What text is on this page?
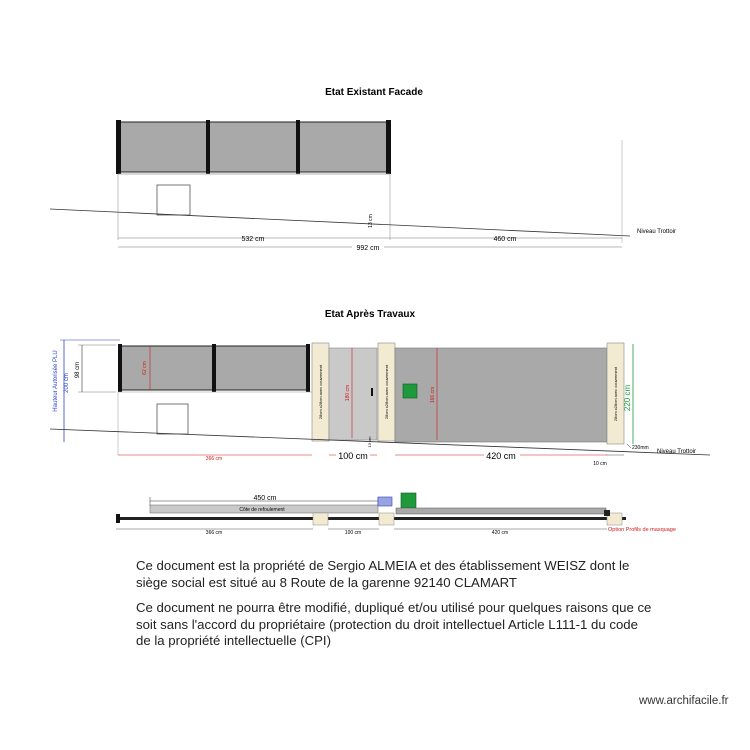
Etat Existant Facade
Niveau Trottoir
13 cm
532 cm	460 cm
992 cm
Etat Après Travaux
Hauteur Autorisée PLU 200 cm
98 cm	62 cm	28cm x28cm avec couvrement	180 cm	28cm x28cm avec couvrement	166 cm	28cm x28cm avec couvrement 220 cm
Niveau Trottoir
230mm
13 cm
366 cm	100 cm	420 cm
10 cm
450 cm
Côte de refoulement
366 cm	100 cm	420 cm	Option Profils de masquage

Ce document est la propriété de Sergio ALMEIA et des établissement WEISZ dont le siège social est situé au 8 Route de la garenne 92140 CLAMART

Ce document ne pourra être modifié, dupliqué et/ou utilisé pour quelques raisons que ce soit sans l'accord du propriétaire (protection du droit intellectuel Article L111-1 du code de la propriété intellectuelle (CPI)

www.archifacile.fr
